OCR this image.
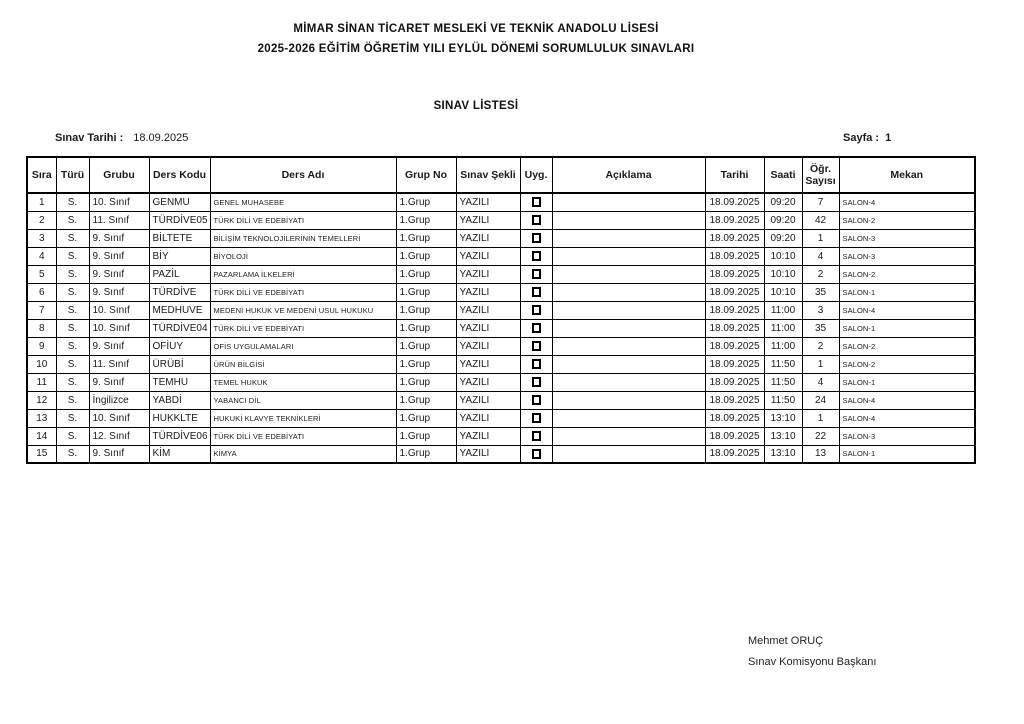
MİMAR SİNAN TİCARET MESLEKİ VE TEKNİK ANADOLU LİSESİ
2025-2026 EĞİTİM ÖĞRETİM YILI EYLÜL DÖNEMİ SORUMLULUK SINAVLARI
SINAV LİSTESİ
Sınav Tarihi : 18.09.2025	Sayfa : 1
Sıra	Türü	Grubu	Ders Kodu	Ders Adı	Grup No	Sınav Şekli	Uyg.	Açıklama	Tarihi	Saati	Öğr. Sayısı	Mekan
1	S.	10. Sınıf	GENMU	GENEL MUHASEBE	1.Grup	YAZILI			18.09.2025	09:20	7	SALON-4
2	S.	11. Sınıf	TÜRDİVE05	TÜRK DİLİ VE EDEBİYATI	1.Grup	YAZILI			18.09.2025	09:20	42	SALON-2
3	S.	9. Sınıf	BİLTETE	BİLİŞİM TEKNOLOJİLERİNİN TEMELLERİ	1.Grup	YAZILI			18.09.2025	09:20	1	SALON-3
4	S.	9. Sınıf	BİY	BİYOLOJİ	1.Grup	YAZILI			18.09.2025	10:10	4	SALON-3
5	S.	9. Sınıf	PAZİL	PAZARLAMA İLKELERİ	1.Grup	YAZILI			18.09.2025	10:10	2	SALON-2
6	S.	9. Sınıf	TÜRDİVE	TÜRK DİLİ VE EDEBİYATI	1.Grup	YAZILI			18.09.2025	10:10	35	SALON-1
7	S.	10. Sınıf	MEDHUVE	MEDENİ HUKUK VE MEDENİ USUL HUKUKU	1.Grup	YAZILI			18.09.2025	11:00	3	SALON-4
8	S.	10. Sınıf	TÜRDİVE04	TÜRK DİLİ VE EDEBİYATI	1.Grup	YAZILI			18.09.2025	11:00	35	SALON-1
9	S.	9. Sınıf	OFİUY	OFİS UYGULAMALARI	1.Grup	YAZILI			18.09.2025	11:00	2	SALON-2
10	S.	11. Sınıf	ÜRÜBİ	ÜRÜN BİLGİSİ	1.Grup	YAZILI			18.09.2025	11:50	1	SALON-2
11	S.	9. Sınıf	TEMHU	TEMEL HUKUK	1.Grup	YAZILI			18.09.2025	11:50	4	SALON-1
12	S.	İngilizce	YABDİ	YABANCI DİL	1.Grup	YAZILI			18.09.2025	11:50	24	SALON-4
13	S.	10. Sınıf	HUKKLTE	HUKUKİ KLAVYE TEKNİKLERİ	1.Grup	YAZILI			18.09.2025	13:10	1	SALON-4
14	S.	12. Sınıf	TÜRDİVE06	TÜRK DİLİ VE EDEBİYATI	1.Grup	YAZILI			18.09.2025	13:10	22	SALON-3
15	S.	9. Sınıf	KİM	KİMYA	1.Grup	YAZILI			18.09.2025	13:10	13	SALON-1
Mehmet ORUÇ
Sınav Komisyonu Başkanı
